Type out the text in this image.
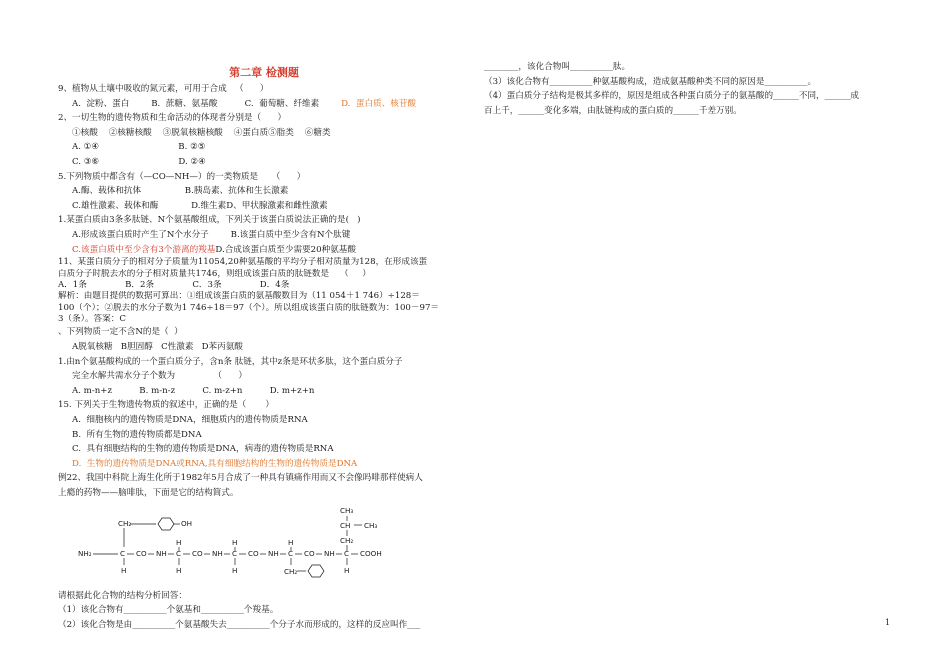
第二章 检测题
9、植物从土壤中吸收的氮元素，可用于合成   （      ）
A.  淀粉、蛋白        B.  蔗糖、氨基酸          C.  葡萄糖、纤维素        D.  蛋白质、核苷酸
2、一切生物的遗传物质和生命活动的体现者分别是（      ）
①核酸    ②核糖核酸    ③脱氧核糖核酸    ④蛋白质⑤脂类    ⑥糖类
A. ①④                             B. ②⑤
C. ③⑥                             D. ②④
5.下列物质中都含有（—CO—NH—）的一类物质是     （      ）
A.酶、载体和抗体                B.胰岛素、抗体和生长激素
C.雄性激素、载体和酶            D.维生素D、甲状腺激素和雌性激素
1.某蛋白质由3条多肽链、N个氨基酸组成，下列关于该蛋白质说法正确的是(   )
A.形成该蛋白质时产生了N个水分子        B.该蛋白质中至少含有N个肽键
C.该蛋白质中至少含有3个游离的羧基D.合成该蛋白质至少需要20种氨基酸
11、某蛋白质分子的相对分子质量为11054,20种氨基酸的平均分子相对质量为128，在形成该蛋
白质分子时脱去水的分子相对质量共1746，则组成该蛋白质的肽链数是    （     ）
A．1条              B．2条              C．3条              D．4条
解析：由题目提供的数据可算出：①组成该蛋白质的氨基酸数目为（11 054＋1 746）÷128＝
100（个）；②脱去的水分子数为1 746÷18＝97（个）。所以组成该蛋白质的肽链数为：100－97＝
3（条）。答案：C
、下列物质一定不含N的是（  ）
A脱氧核糖   B胆固醇   C性激素   D苯丙氨酸
1.由n个氨基酸构成的一个蛋白质分子，含n条 肽链，其中z条是环状多肽，这个蛋白质分子
完全水解共需水分子个数为              （      ）
A. m-n+z          B. m-n-z          C. m-z+n          D. m+z+n
15. 下列关于生物遗传物质的叙述中，正确的是（       ）
A.  细胞核内的遗传物质是DNA，细胞质内的遗传物质是RNA
B.  所有生物的遗传物质都是DNA
C.  具有细胞结构的生物的遗传物质是DNA，病毒的遗传物质是RNA
D.  生物的遗传物质是DNA或RNA,具有细胞结构的生物的遗传物质是DNA
例22、我国中科院上海生化所于1982年5月合成了一种具有镇痛作用而又不会像吗啡那样使病人
上瘾的药物——脑啡肽，下面是它的结构简式。
CH₂	OH
NH₂	C CO NH C CO NH C CO NH C CO NH C COOH
H
H
H
H
H
H
H
CH₂
CH₂
CH CH₃
CH₃
请根据此化合物的结构分析回答：
（1）该化合物有__________个氨基和__________个羧基。
（2）该化合物是由__________个氨基酸失去__________个分子水而形成的，这样的反应叫作___
________，该化合物叫__________肽。
（3）该化合物有__________种氨基酸构成，造成氨基酸种类不同的原因是__________。
（4）蛋白质分子结构是极其多样的，原因是组成各种蛋白质分子的氨基酸的______不同，______成
百上千，______变化多端，由肽链构成的蛋白质的______千差万别。
1
